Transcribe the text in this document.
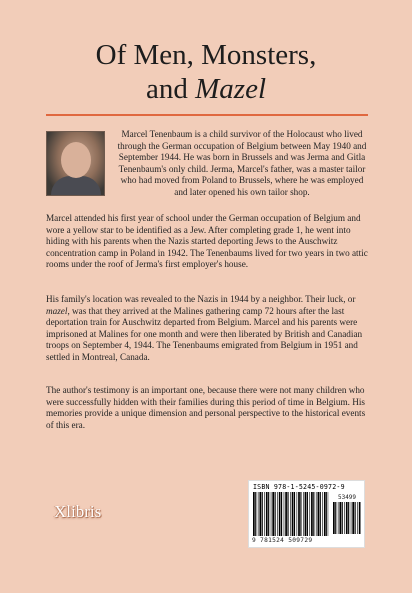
Of Men, Monsters,
and Mazel
Marcel Tenenbaum is a child survivor of the Holocaust who lived through the German occupation of Belgium between May 1940 and September 1944. He was born in Brussels and was Jerma and Gitla Tenenbaum's only child. Jerma, Marcel's father, was a master tailor who had moved from Poland to Brussels, where he was employed and later opened his own tailor shop.
Marcel attended his first year of school under the German occupation of Belgium and wore a yellow star to be identified as a Jew. After completing grade 1, he went into hiding with his parents when the Nazis started deporting Jews to the Auschwitz concentration camp in Poland in 1942. The Tenenbaums lived for two years in two attic rooms under the roof of Jerma's first employer's house.
His family's location was revealed to the Nazis in 1944 by a neighbor. Their luck, or mazel, was that they arrived at the Malines gathering camp 72 hours after the last deportation train for Auschwitz departed from Belgium. Marcel and his parents were imprisoned at Malines for one month and were then liberated by British and Canadian troops on September 4, 1944. The Tenenbaums emigrated from Belgium in 1951 and settled in Montreal, Canada.
The author's testimony is an important one, because there were not many children who were successfully hidden with their families during this period of time in Belgium. His memories provide a unique dimension and personal perspective to the historical events of this era.
Xlibris
ISBN 978-1-5245-0972-9
53499
9 781524 509729
